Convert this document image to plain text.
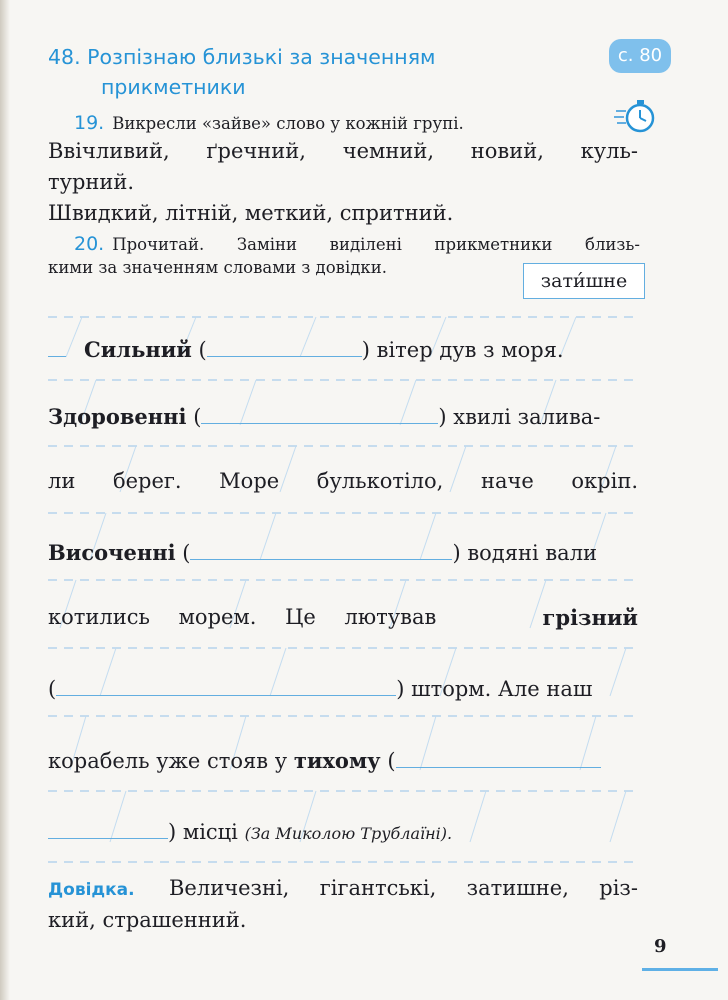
48. Розпізнаю близькі за значенням
прикметники
с. 80
19. Викресли «зайве» слово у кожній групі.
Ввічливий, ґречний, чемний, новий, куль-
турний.
Швидкий, літній, меткий, спритний.
20. Прочитай. Заміни виділені прикметники близь-
кими за значенням словами з довідки.
зати́шне
Сильний (	) вітер дув з моря.
Здоровенні (	) хвилі залива-
ли берег. Море булькотіло, наче окріп.
Височенні (	) водяні вали
котились морем. Це лютував	грізний
(	) шторм. Але наш
корабель уже стояв у тихому (
) місці (За Миколою Трублаїні).
Довідка. Величезні, гігантські, затишне, різ-
кий, страшенний.
9
